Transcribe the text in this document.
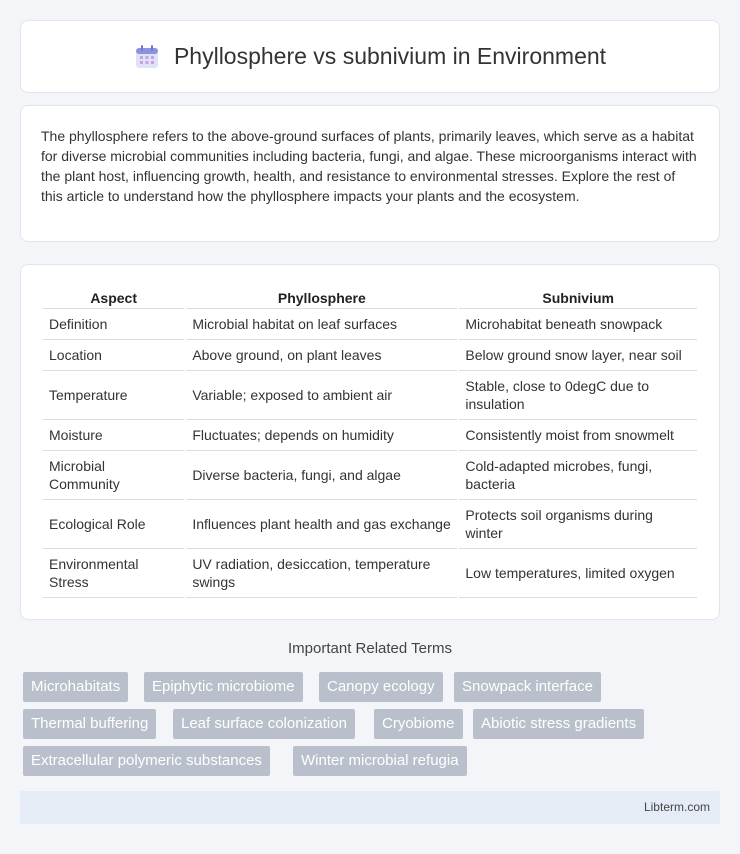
Phyllosphere vs subnivium in Environment

The phyllosphere refers to the above-ground surfaces of plants, primarily leaves, which serve as a habitat for diverse microbial communities including bacteria, fungi, and algae. These microorganisms interact with the plant host, influencing growth, health, and resistance to environmental stresses. Explore the rest of this article to understand how the phyllosphere impacts your plants and the ecosystem.

Aspect	Phyllosphere	Subnivium
Definition	Microbial habitat on leaf surfaces	Microhabitat beneath snowpack
Location	Above ground, on plant leaves	Below ground snow layer, near soil
Temperature	Variable; exposed to ambient air	Stable, close to 0degC due to insulation
Moisture	Fluctuates; depends on humidity	Consistently moist from snowmelt
Microbial Community	Diverse bacteria, fungi, and algae	Cold-adapted microbes, fungi, bacteria
Ecological Role	Influences plant health and gas exchange	Protects soil organisms during winter
Environmental Stress	UV radiation, desiccation, temperature swings	Low temperatures, limited oxygen
Important Related Terms
Microhabitats	Epiphytic microbiome	Canopy ecology	Snowpack interface
Thermal buffering	Leaf surface colonization	Cryobiome	Abiotic stress gradients
Extracellular polymeric substances	Winter microbial refugia
Libterm.com
